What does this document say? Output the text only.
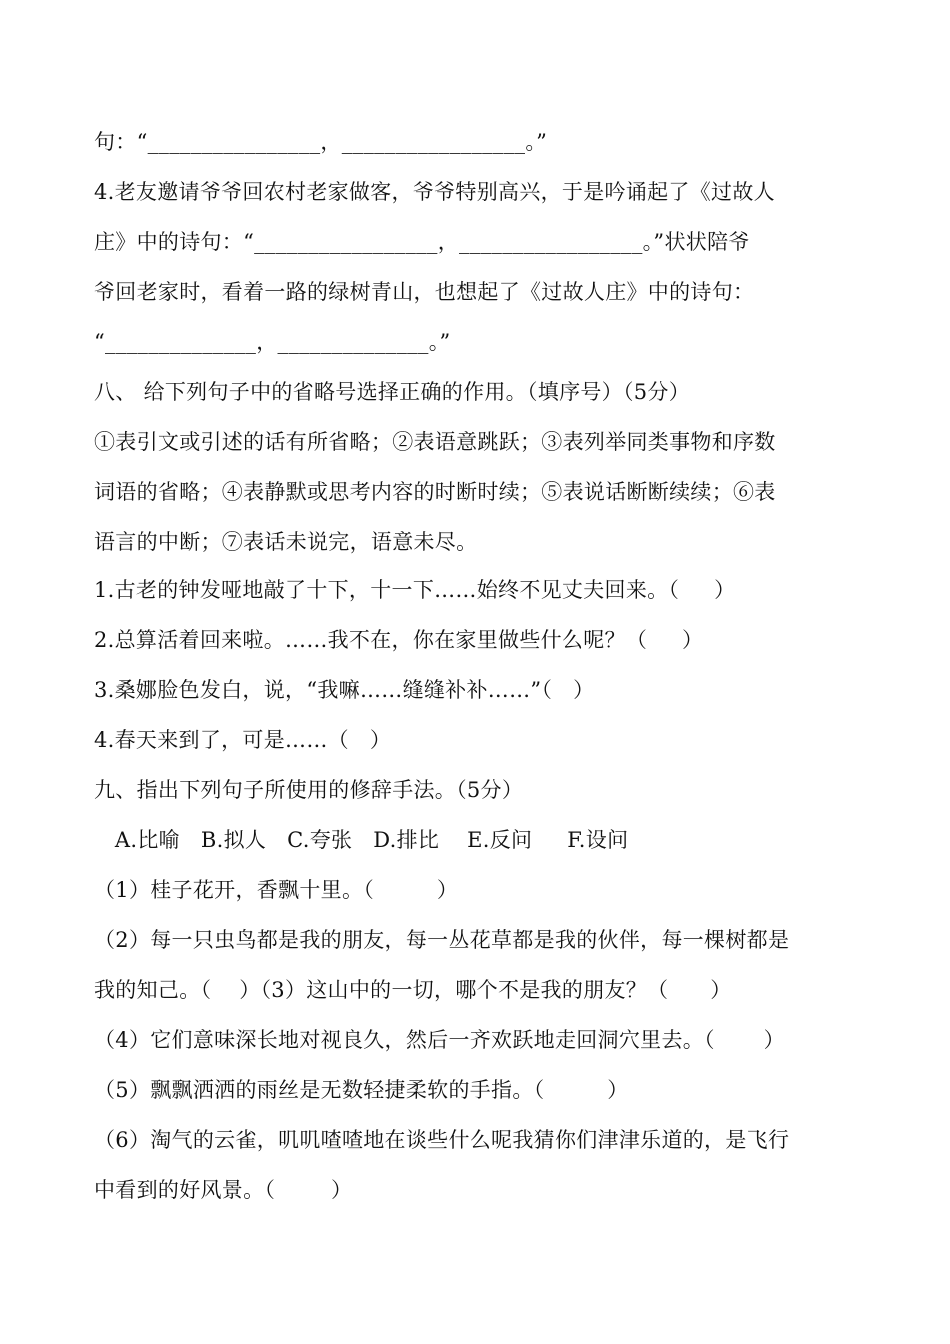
句：“________________，_________________。”
4.老友邀请爷爷回农村老家做客，爷爷特别高兴，于是吟诵起了《过故人
庄》中的诗句：“_________________，_________________。”状状陪爷
爷回老家时，看着一路的绿树青山，也想起了《过故人庄》中的诗句：
“______________，______________。”
八、 给下列句子中的省略号选择正确的作用。（填序号）（5分）
①表引文或引述的话有所省略；②表语意跳跃；③表列举同类事物和序数
词语的省略；④表静默或思考内容的时断时续；⑤表说话断断续续；⑥表
语言的中断；⑦表话未说完，语意未尽。
1.古老的钟发哑地敲了十下，十一下……始终不见丈夫回来。（     ）
2.总算活着回来啦。……我不在，你在家里做些什么呢？（     ）
3.桑娜脸色发白，说，“我嘛……缝缝补补……”（   ）
4.春天来到了，可是……（   ）
九、指出下列句子所使用的修辞手法。（5分）
A.比喻   B.拟人   C.夸张   D.排比    E.反问     F.设问
（1）桂子花开，香飘十里。（         ）
（2）每一只虫鸟都是我的朋友，每一丛花草都是我的伙伴，每一棵树都是
我的知己。（    ）（3）这山中的一切，哪个不是我的朋友？（      ）
（4）它们意味深长地对视良久，然后一齐欢跃地走回洞穴里去。（       ）
（5）飘飘洒洒的雨丝是无数轻捷柔软的手指。（         ）
（6）淘气的云雀，叽叽喳喳地在谈些什么呢我猜你们津津乐道的，是飞行
中看到的好风景。（        ）
